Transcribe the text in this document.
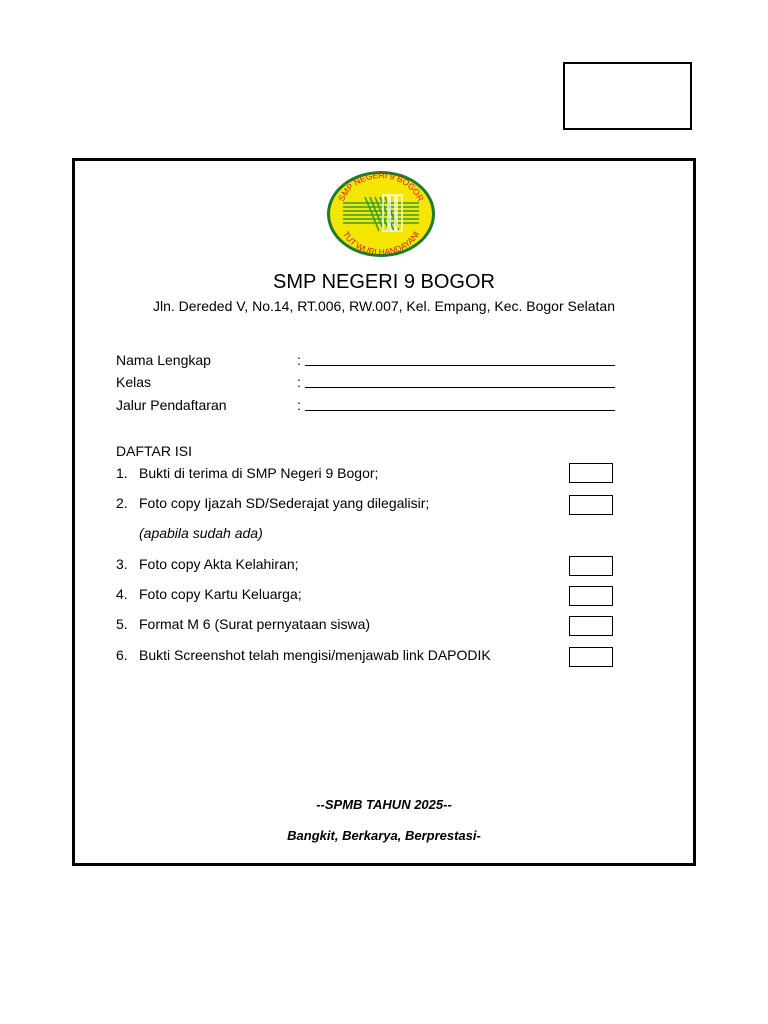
SMP NEGERI 9 BOGOR
TUT WURI HANDAYANI
SMP NEGERI 9 BOGOR
Jln. Dereded V, No.14, RT.006, RW.007, Kel. Empang, Kec. Bogor Selatan
Nama Lengkap	:
Kelas	:
Jalur Pendaftaran	:
DAFTAR ISI
1. Bukti di terima di SMP Negeri 9 Bogor;
2. Foto copy Ijazah SD/Sederajat yang dilegalisir;
(apabila sudah ada)
3. Foto copy Akta Kelahiran;
4. Foto copy Kartu Keluarga;
5. Format M 6 (Surat pernyataan siswa)
6. Bukti Screenshot telah mengisi/menjawab link DAPODIK
--SPMB TAHUN 2025--
Bangkit, Berkarya, Berprestasi-
